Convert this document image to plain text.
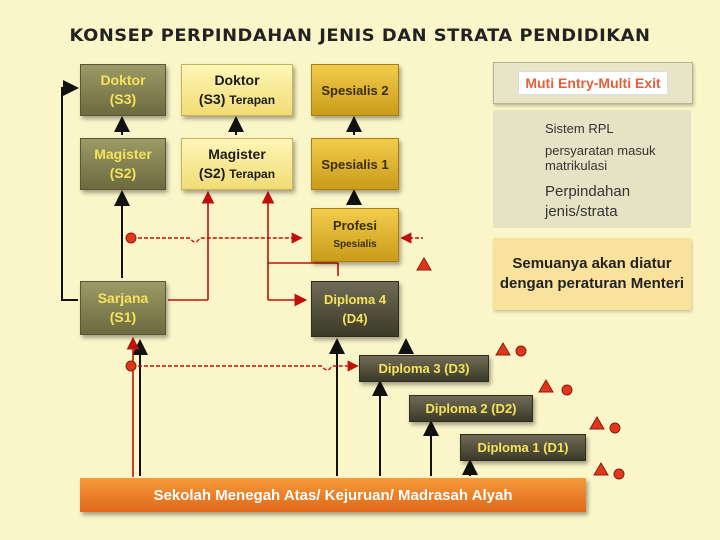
KONSEP PERPINDAHAN JENIS DAN STRATA PENDIDIKAN
Doktor
(S3)
Doktor
(S3) Terapan
Spesialis 2
Magister
(S2)
Magister
(S2) Terapan
Spesialis 1
Profesi
Spesialis
Sarjana
(S1)
Diploma 4
(D4)
Diploma 3 (D3)
Diploma 2 (D2)
Diploma 1 (D1)
Sekolah Menegah Atas/ Kejuruan/ Madrasah Alyah
Muti Entry-Multi Exit
Sistem RPL
persyaratan masuk matrikulasi
Perpindahan
jenis/strata
Semuanya akan diatur dengan peraturan Menteri
